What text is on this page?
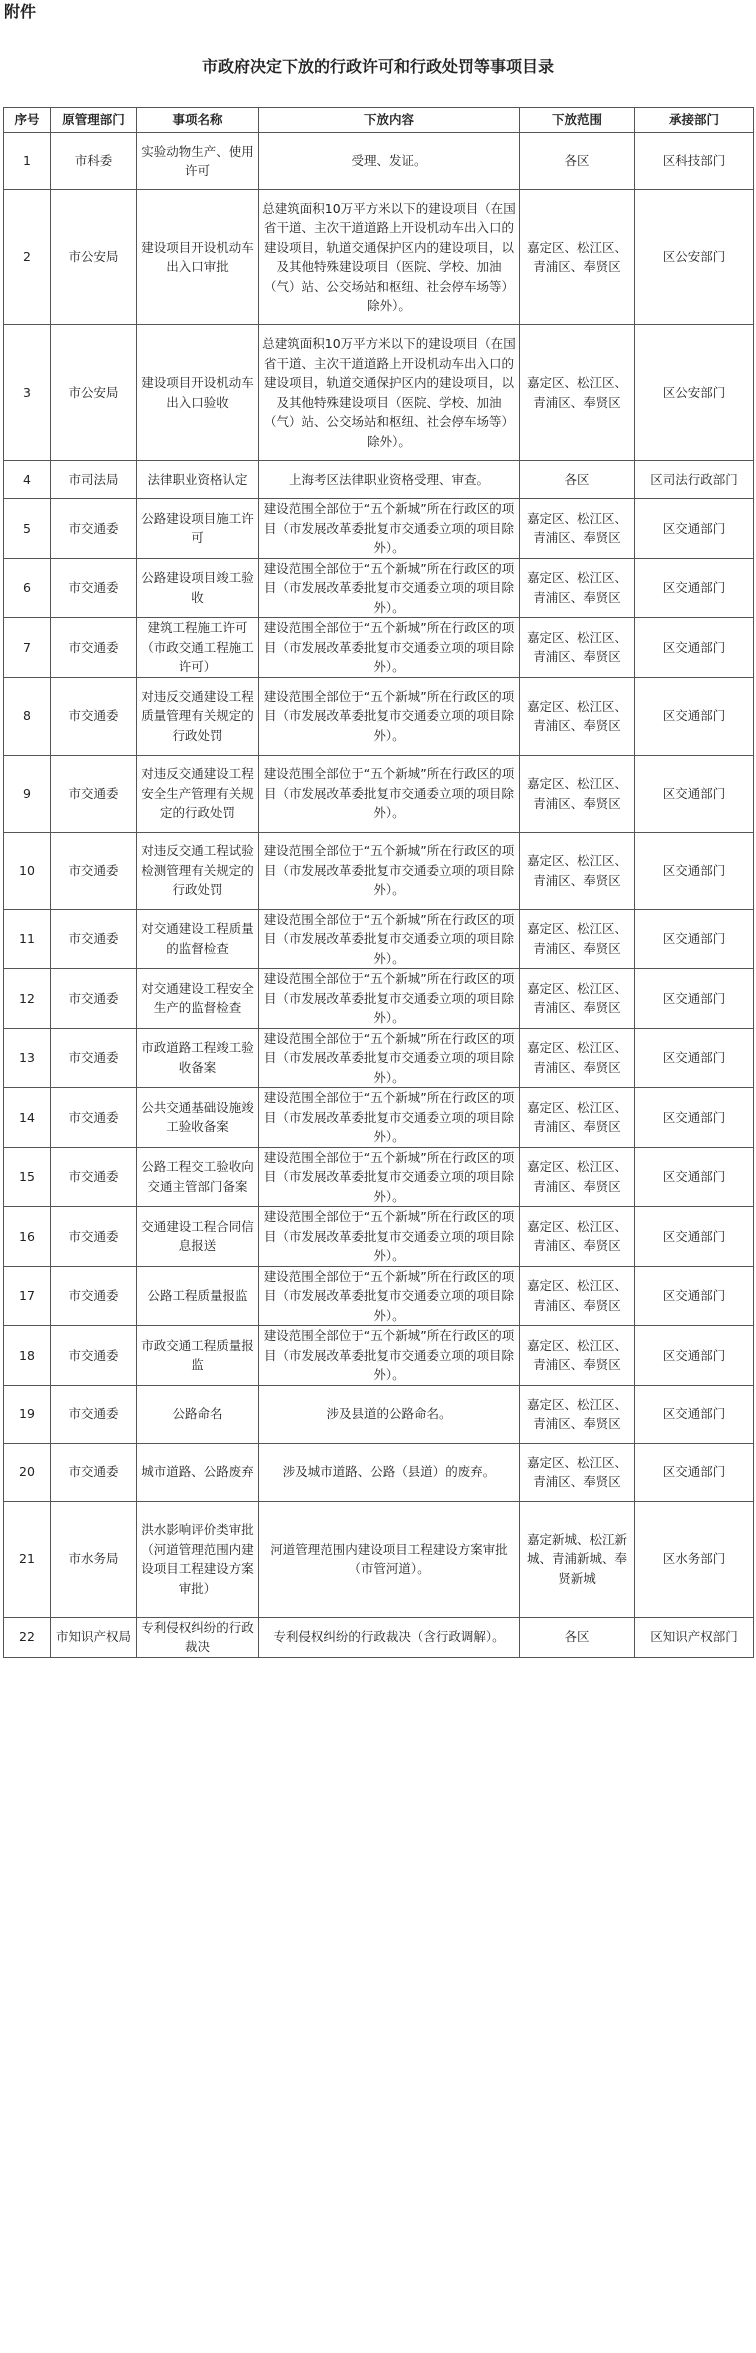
附件
市政府决定下放的行政许可和行政处罚等事项目录
序号	原管理部门	事项名称	下放内容	下放范围	承接部门
1	市科委	实验动物生产、使用许可	受理、发证。	各区	区科技部门
2	市公安局	建设项目开设机动车出入口审批	总建筑面积10万平方米以下的建设项目（在国省干道、主次干道道路上开设机动车出入口的建设项目，轨道交通保护区内的建设项目，以及其他特殊建设项目（医院、学校、加油（气）站、公交场站和枢纽、社会停车场等）除外）。	嘉定区、松江区、青浦区、奉贤区	区公安部门
3	市公安局	建设项目开设机动车出入口验收	总建筑面积10万平方米以下的建设项目（在国省干道、主次干道道路上开设机动车出入口的建设项目，轨道交通保护区内的建设项目，以及其他特殊建设项目（医院、学校、加油（气）站、公交场站和枢纽、社会停车场等）除外）。	嘉定区、松江区、青浦区、奉贤区	区公安部门
4	市司法局	法律职业资格认定	上海考区法律职业资格受理、审查。	各区	区司法行政部门
5	市交通委	公路建设项目施工许可	建设范围全部位于“五个新城”所在行政区的项目（市发展改革委批复市交通委立项的项目除外）。	嘉定区、松江区、青浦区、奉贤区	区交通部门
6	市交通委	公路建设项目竣工验收	建设范围全部位于“五个新城”所在行政区的项目（市发展改革委批复市交通委立项的项目除外）。	嘉定区、松江区、青浦区、奉贤区	区交通部门
7	市交通委	建筑工程施工许可（市政交通工程施工许可）	建设范围全部位于“五个新城”所在行政区的项目（市发展改革委批复市交通委立项的项目除外）。	嘉定区、松江区、青浦区、奉贤区	区交通部门
8	市交通委	对违反交通建设工程质量管理有关规定的行政处罚	建设范围全部位于“五个新城”所在行政区的项目（市发展改革委批复市交通委立项的项目除外）。	嘉定区、松江区、青浦区、奉贤区	区交通部门
9	市交通委	对违反交通建设工程安全生产管理有关规定的行政处罚	建设范围全部位于“五个新城”所在行政区的项目（市发展改革委批复市交通委立项的项目除外）。	嘉定区、松江区、青浦区、奉贤区	区交通部门
10	市交通委	对违反交通工程试验检测管理有关规定的行政处罚	建设范围全部位于“五个新城”所在行政区的项目（市发展改革委批复市交通委立项的项目除外）。	嘉定区、松江区、青浦区、奉贤区	区交通部门
11	市交通委	对交通建设工程质量的监督检查	建设范围全部位于“五个新城”所在行政区的项目（市发展改革委批复市交通委立项的项目除外）。	嘉定区、松江区、青浦区、奉贤区	区交通部门
12	市交通委	对交通建设工程安全生产的监督检查	建设范围全部位于“五个新城”所在行政区的项目（市发展改革委批复市交通委立项的项目除外）。	嘉定区、松江区、青浦区、奉贤区	区交通部门
13	市交通委	市政道路工程竣工验收备案	建设范围全部位于“五个新城”所在行政区的项目（市发展改革委批复市交通委立项的项目除外）。	嘉定区、松江区、青浦区、奉贤区	区交通部门
14	市交通委	公共交通基础设施竣工验收备案	建设范围全部位于“五个新城”所在行政区的项目（市发展改革委批复市交通委立项的项目除外）。	嘉定区、松江区、青浦区、奉贤区	区交通部门
15	市交通委	公路工程交工验收向交通主管部门备案	建设范围全部位于“五个新城”所在行政区的项目（市发展改革委批复市交通委立项的项目除外）。	嘉定区、松江区、青浦区、奉贤区	区交通部门
16	市交通委	交通建设工程合同信息报送	建设范围全部位于“五个新城”所在行政区的项目（市发展改革委批复市交通委立项的项目除外）。	嘉定区、松江区、青浦区、奉贤区	区交通部门
17	市交通委	公路工程质量报监	建设范围全部位于“五个新城”所在行政区的项目（市发展改革委批复市交通委立项的项目除外）。	嘉定区、松江区、青浦区、奉贤区	区交通部门
18	市交通委	市政交通工程质量报监	建设范围全部位于“五个新城”所在行政区的项目（市发展改革委批复市交通委立项的项目除外）。	嘉定区、松江区、青浦区、奉贤区	区交通部门
19	市交通委	公路命名	涉及县道的公路命名。	嘉定区、松江区、青浦区、奉贤区	区交通部门
20	市交通委	城市道路、公路废弃	涉及城市道路、公路（县道）的废弃。	嘉定区、松江区、青浦区、奉贤区	区交通部门
21	市水务局	洪水影响评价类审批（河道管理范围内建设项目工程建设方案审批）	河道管理范围内建设项目工程建设方案审批（市管河道）。	嘉定新城、松江新城、青浦新城、奉贤新城	区水务部门
22	市知识产权局	专利侵权纠纷的行政裁决	专利侵权纠纷的行政裁决（含行政调解）。	各区	区知识产权部门
